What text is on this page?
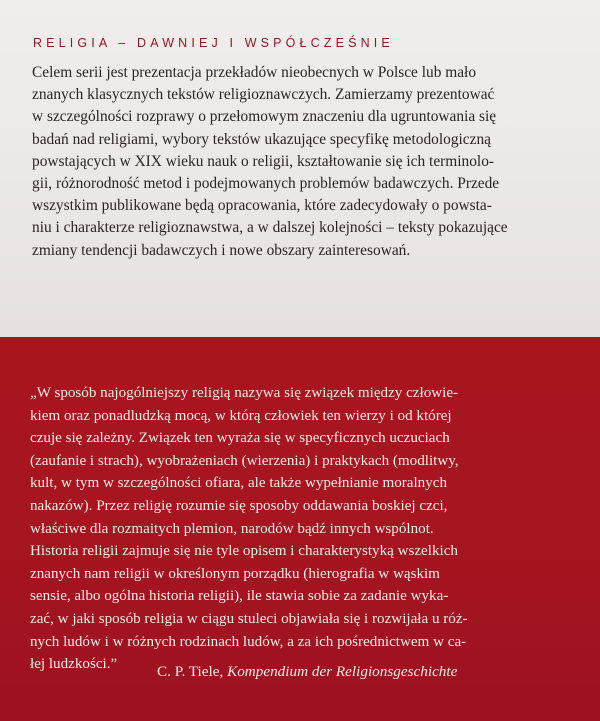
RELIGIA – DAWNIEJ I WSPÓŁCZEŚNIE
Celem serii jest prezentacja przekładów nieobecnych w Polsce lub mało
znanych klasycznych tekstów religioznawczych. Zamierzamy prezentować
w szczególności rozprawy o przełomowym znaczeniu dla ugruntowania się
badań nad religiami, wybory tekstów ukazujące specyfikę metodologiczną
powstających w XIX wieku nauk o religii, kształtowanie się ich terminolo-
gii, różnorodność metod i podejmowanych problemów badawczych. Przede
wszystkim publikowane będą opracowania, które zadecydowały o powsta-
niu i charakterze religioznawstwa, a w dalszej kolejności – teksty pokazujące
zmiany tendencji badawczych i nowe obszary zainteresowań.
„W sposób najogólniejszy religią nazywa się związek między człowie-
kiem oraz ponadludzką mocą, w którą człowiek ten wierzy i od której
czuje się zależny. Związek ten wyraża się w specyficznych uczuciach
(zaufanie i strach), wyobrażeniach (wierzenia) i praktykach (modlitwy,
kult, w tym w szczególności ofiara, ale także wypełnianie moralnych
nakazów). Przez religię rozumie się sposoby oddawania boskiej czci,
właściwe dla rozmaitych plemion, narodów bądź innych wspólnot.
Historia religii zajmuje się nie tyle opisem i charakterystyką wszelkich
znanych nam religii w określonym porządku (hierografia w wąskim
sensie, albo ogólna historia religii), ile stawia sobie za zadanie wyka-
zać, w jaki sposób religia w ciągu stuleci objawiała się i rozwijała u róż-
nych ludów i w różnych rodzinach ludów, a za ich pośrednictwem w ca-
łej ludzkości.”	C. P. Tiele, Kompendium der Religionsgeschichte
